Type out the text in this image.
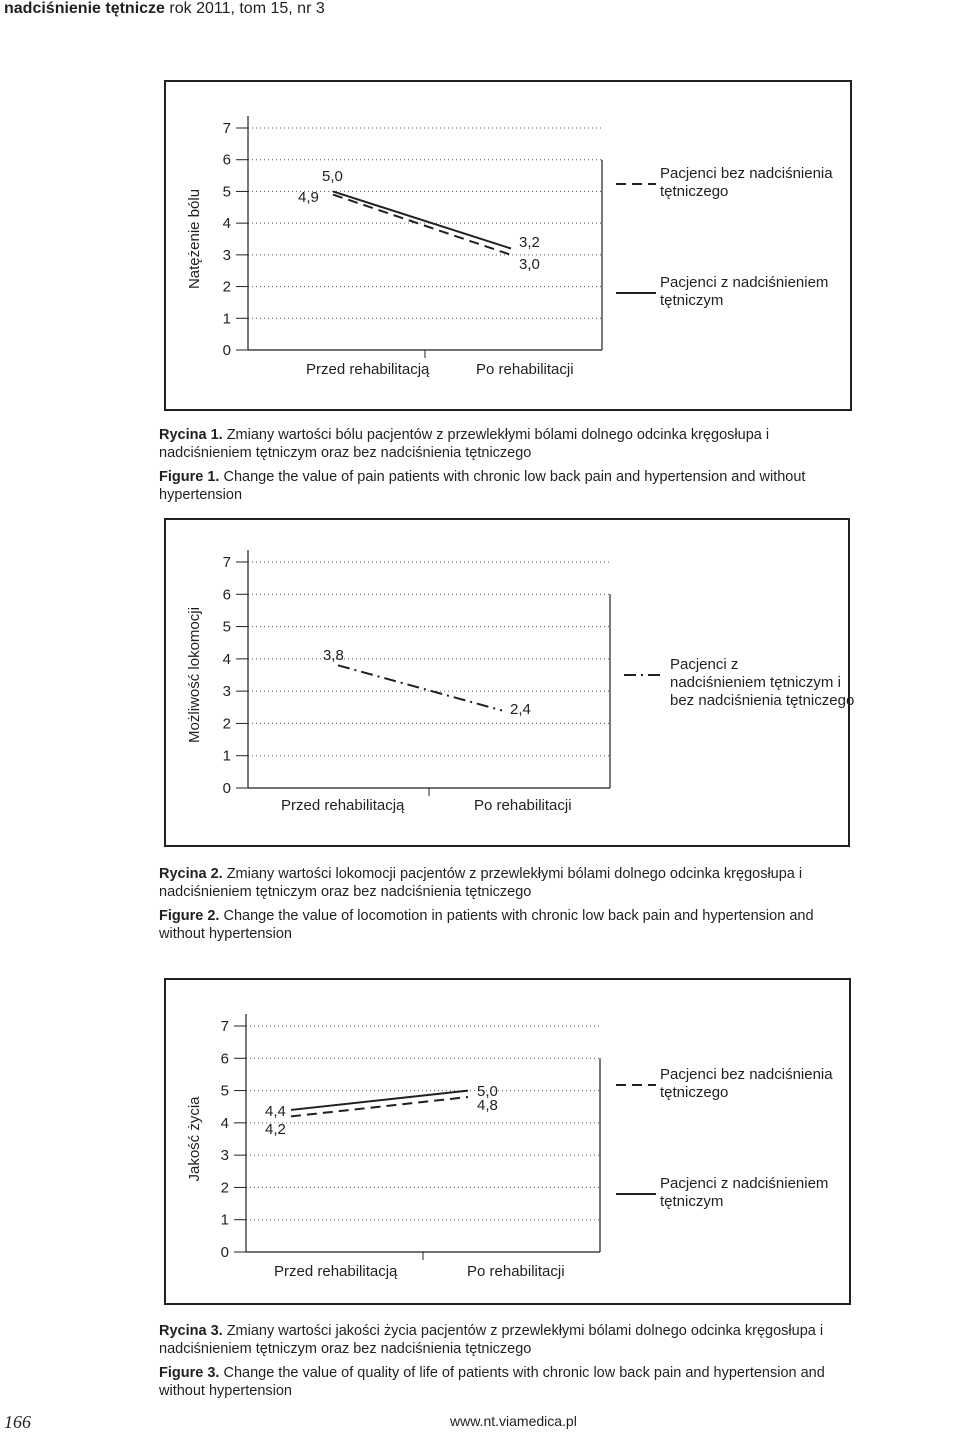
nadciśnienie tętnicze rok 2011, tom 15, nr 3
0
1
2
3
4
5
6
7
Natężenie bólu
Przed rehabilitacją	Po rehabilitacji
4,9
3,0
Pacjenci bez nadciśnienia tętniczego
5,0
3,2
Pacjenci z nadciśnieniem tętniczym

Rycina 1. Zmiany wartości bólu pacjentów z przewlekłymi bólami dolnego odcinka kręgosłupa i nadciśnieniem tętniczym oraz bez nadciśnienia tętniczego

Figure 1. Change the value of pain patients with chronic low back pain and hypertension and without hypertension

0
1
2
3
4
5
6
7
Możliwość lokomocji
Przed rehabilitacją	Po rehabilitacji
3,8
2,4
Pacjenci z nadciśnieniem tętniczym i bez nadciśnienia tętniczego

Rycina 2. Zmiany wartości lokomocji pacjentów z przewlekłymi bólami dolnego odcinka kręgosłupa i nadciśnieniem tętniczym oraz bez nadciśnienia tętniczego

Figure 2. Change the value of locomotion in patients with chronic low back pain and hypertension and without hypertension

0
1
2
3
4
5
6
7
Jakość życia
Przed rehabilitacją	Po rehabilitacji
4,2
4,8
Pacjenci bez nadciśnienia tętniczego
4,4
5,0
Pacjenci z nadciśnieniem tętniczym

Rycina 3. Zmiany wartości jakości życia pacjentów z przewlekłymi bólami dolnego odcinka kręgosłupa i nadciśnieniem tętniczym oraz bez nadciśnienia tętniczego

Figure 3. Change the value of quality of life of patients with chronic low back pain and hypertension and without hypertension

166	www.nt.viamedica.pl
